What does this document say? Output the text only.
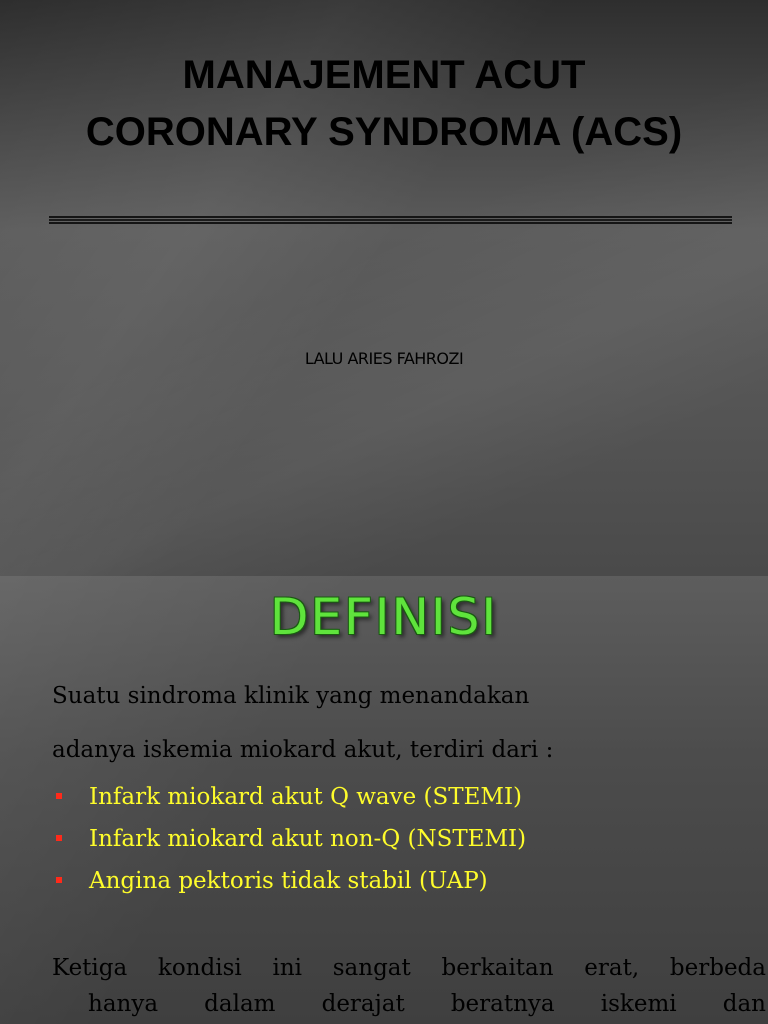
MANAJEMENT ACUT
CORONARY SYNDROMA (ACS)
LALU ARIES FAHROZI
DEFINISI
Suatu sindroma klinik yang menandakan
adanya iskemia miokard akut, terdiri dari :
Infark miokard akut Q wave (STEMI)
Infark miokard akut non-Q (NSTEMI)
Angina pektoris tidak stabil (UAP)
Ketiga kondisi ini sangat berkaitan erat, berbeda
hanya dalam derajat beratnya iskemi dan
